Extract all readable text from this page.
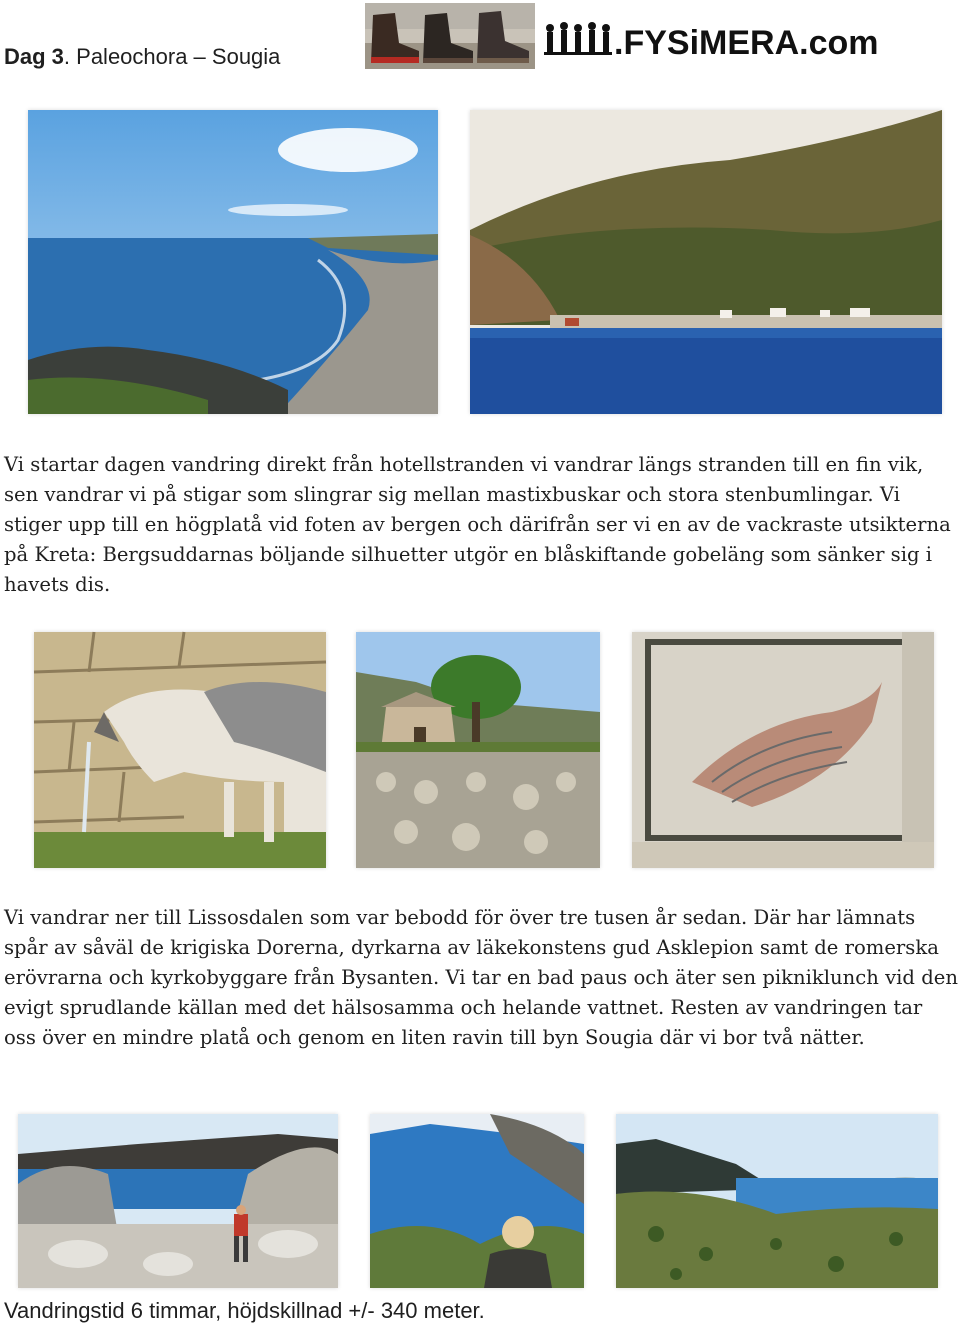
Dag 3. Paleochora – Sougia	.FYSiMERA.com

Vi startar dagen vandring direkt från hotellstranden vi vandrar längs stranden till en fin vik, sen vandrar vi på stigar som slingrar sig mellan mastixbuskar och stora stenbumlingar. Vi stiger upp till en högplatå vid foten av bergen och därifrån ser vi en av de vackraste utsikterna på Kreta: Bergsuddarnas böljande silhuetter utgör en blåskiftande gobeläng som sänker sig i havets dis.

Vi vandrar ner till Lissosdalen som var bebodd för över tre tusen år sedan. Där har lämnats spår av såväl de krigiska Dorerna, dyrkarna av läkekonstens gud Asklepion samt de romerska erövrarna och kyrkobyggare från Bysanten. Vi tar en bad paus och äter sen pikniklunch vid den evigt sprudlande källan med det hälsosamma och helande vattnet. Resten av vandringen tar oss över en mindre platå och genom en liten ravin till byn Sougia där vi bor två nätter.

Vandringstid 6 timmar, höjdskillnad +/- 340 meter.
